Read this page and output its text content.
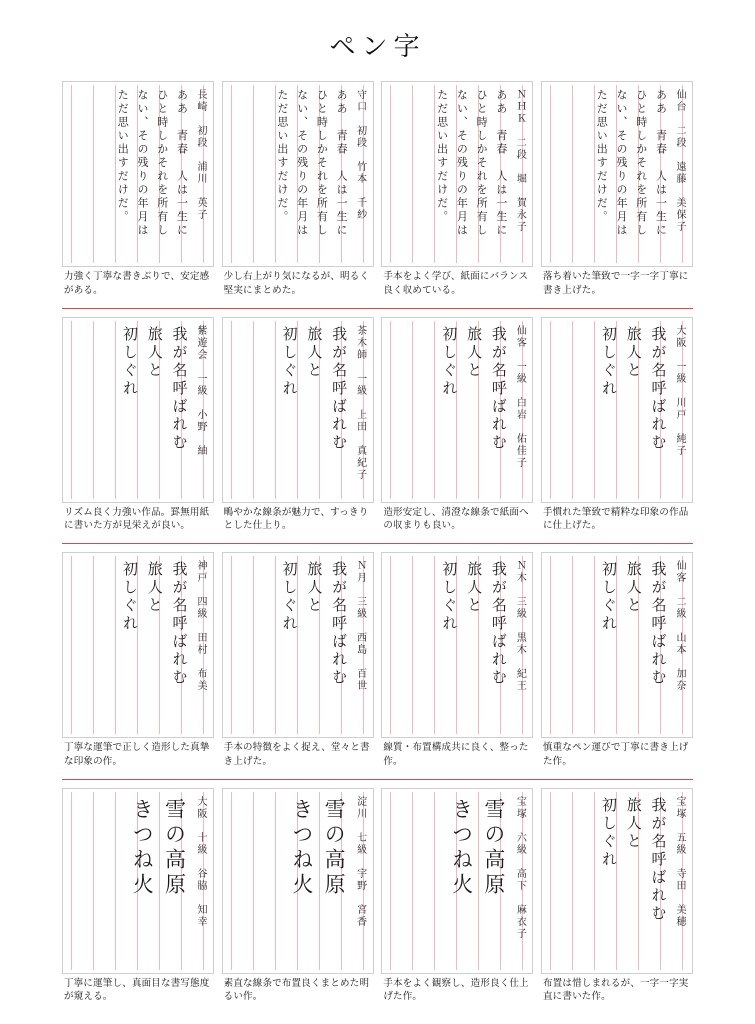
ペン字
長崎　初段　浦川　英子
ああ　青春　人は一生に
ひと時しかそれを所有し
ない、その残りの年月は
ただ思い出すだけだ。
力強く丁寧な書きぶりで、安定感がある。
守口　初段　竹本　千紗
ああ　青春　人は一生に
ひと時しかそれを所有し
ない、その残りの年月は
ただ思い出すだけだ。
少し右上がり気になるが、明るく堅実にまとめた。
ＮＨＫ　二段　堀　賀永子
ああ　青春　人は一生に
ひと時しかそれを所有し
ない、その残りの年月は
ただ思い出すだけだ。
手本をよく学び、紙面にバランス良く収めている。
仙台　二段　遠藤　美保子
ああ　青春　人は一生に
ひと時しかそれを所有し
ない、その残りの年月は
ただ思い出すだけだ。
落ち着いた筆致で一字一字丁寧に書き上げた。
紫遊会　一級　小野　紬
我が名呼ばれむ
旅人と
初しぐれ
リズム良く力強い作品。罫無用紙に書いた方が見栄えが良い。
茶木師　一級　上田　真紀子
我が名呼ばれむ
旅人と
初しぐれ
鴫やかな線条が魅力で、すっきりとした仕上り。
仙客　一級　白岩　佑佳子
我が名呼ばれむ
旅人と
初しぐれ
造形安定し、清澄な線条で紙面への収まりも良い。
大阪　一級　川戸　純子
我が名呼ばれむ
旅人と
初しぐれ
手慣れた筆致で精粋な印象の作品に仕上げた。
神戸　四級　田村　布美
我が名呼ばれむ
旅人と
初しぐれ
丁寧な運筆で正しく造形した真摯な印象の作。
Ｎ月　三級　西島　百世
我が名呼ばれむ
旅人と
初しぐれ
手本の特徴をよく捉え、堂々と書き上げた。
Ｎ木　三級　黒木　紀王
我が名呼ばれむ
旅人と
初しぐれ
線質・布置構成共に良く、整った作。
仙客　二級　山本　加奈
我が名呼ばれむ
旅人と
初しぐれ
慎重なペン運びで丁寧に書き上げた作。
大阪　十級　谷脇　知幸
雪の高原
きつね火
丁寧に運筆し、真面目な書写態度が窺える。
淀川　七級　宇野　宮香
雪の高原
きつね火
素直な線条で布置良くまとめた明るい作。
宝塚　六級　高下　麻衣子
雪の高原
きつね火
手本をよく観察し、造形良く仕上げた作。
宝塚　五級　寺田　美穂
我が名呼ばれむ
旅人と
初しぐれ
布置は惜しまれるが、一字一字実直に書いた作。
